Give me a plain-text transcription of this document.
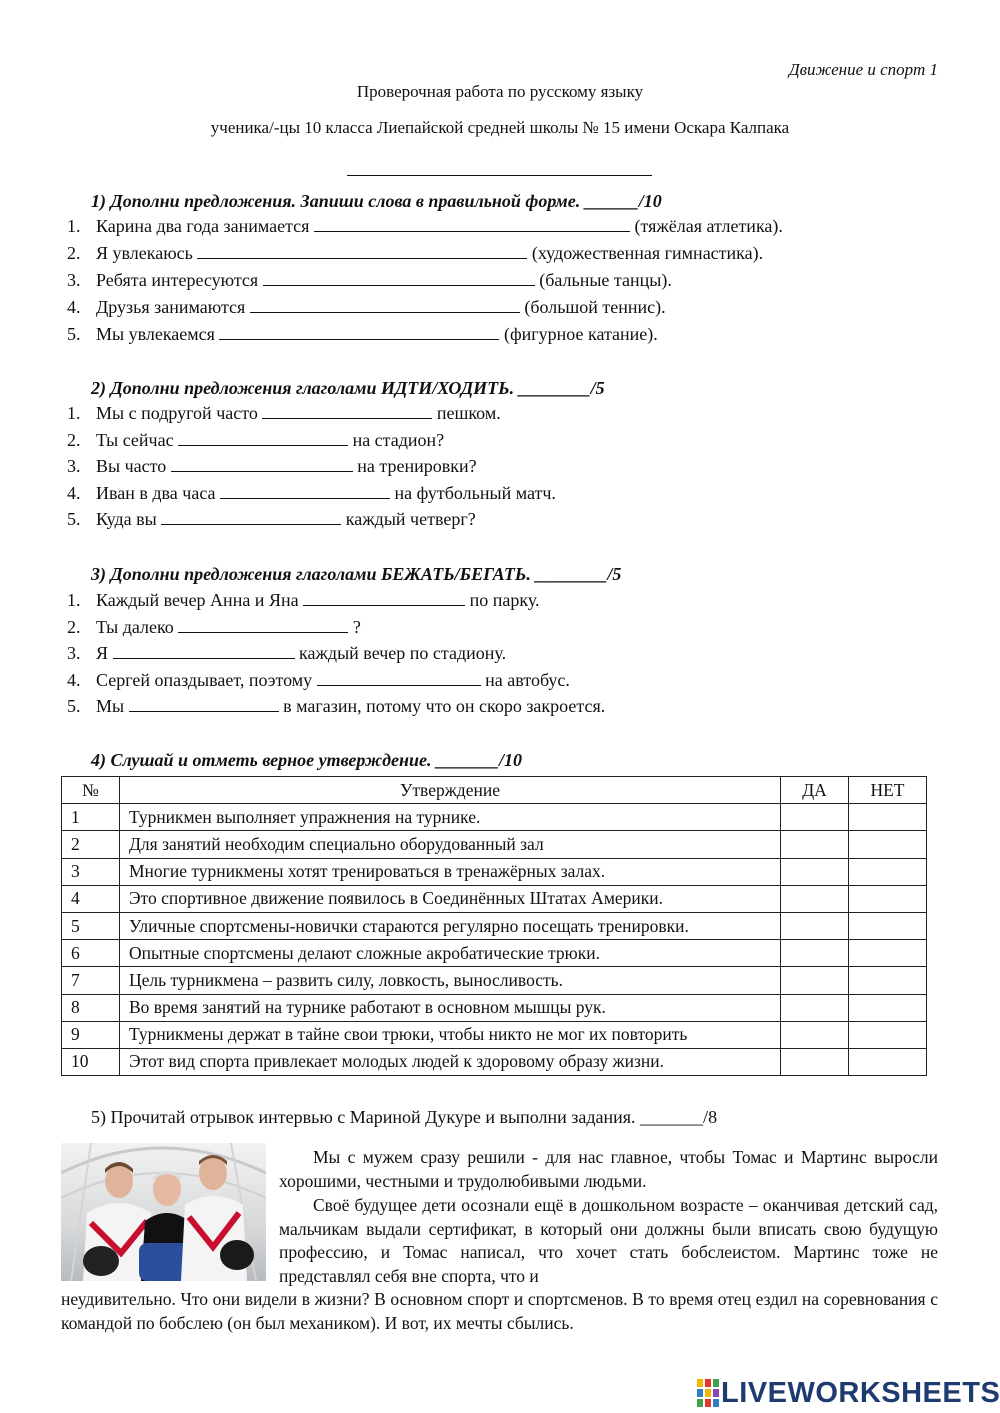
Движение и спорт 1
Проверочная работа по русскому языку
ученика/-цы 10 класса Лиепайской средней школы № 15 имени Оскара Калпака
1) Дополни предложения. Запиши слова в правильной форме. ______/10
1. Карина два года занимается	(тяжёлая атлетика).
2. Я увлекаюсь	(художественная гимнастика).
3. Ребята интересуются	(бальные танцы).
4. Друзья занимаются	(большой теннис).
5. Мы увлекаемся	(фигурное катание).
2) Дополни предложения глаголами ИДТИ/ХОДИТЬ. ________/5
1. Мы с подругой часто	пешком.
2. Ты сейчас	на стадион?
3. Вы часто	на тренировки?
4. Иван в два часа	на футбольный матч.
5. Куда вы	каждый четверг?
3) Дополни предложения глаголами БЕЖАТЬ/БЕГАТЬ. ________/5
1. Каждый вечер Анна и Яна	по парку.
2. Ты далеко	?
3. Я	каждый вечер по стадиону.
4. Сергей опаздывает, поэтому	на автобус.
5. Мы	в магазин, потому что он скоро закроется.
4) Слушай и отметь верное утверждение. _______/10
№	Утверждение	ДА	НЕТ
1	Турникмен выполняет упражнения на турнике.		
2	Для занятий необходим специально оборудованный зал		
3	Многие турникмены хотят тренироваться в тренажёрных залах.		
4	Это спортивное движение появилось в Соединённых Штатах Америки.		
5	Уличные спортсмены-новички стараются регулярно посещать тренировки.		
6	Опытные спортсмены делают сложные акробатические трюки.		
7	Цель турникмена – развить силу, ловкость, выносливость.		
8	Во время занятий на турнике работают в основном мышцы рук.		
9	Турникмены держат в тайне свои трюки, чтобы никто не мог их повторить		
10	Этот вид спорта привлекает молодых людей к здоровому образу жизни.		
5) Прочитай отрывок интервью с Мариной Дукуре и выполни задания. _______/8
Мы с мужем сразу решили - для нас главное, чтобы Томас и Мартинс выросли хорошими, честными и трудолюбивыми людьми.
Своё будущее дети осознали ещё в дошкольном возрасте – оканчивая детский сад, мальчикам выдали сертификат, в который они должны были вписать свою будущую профессию, и Томас написал, что хочет стать бобслеистом. Мартинс тоже не представлял себя вне спорта, что и
неудивительно. Что они видели в жизни? В основном спорт и спортсменов. В то время отец ездил на соревнования с командой по бобслею (он был механиком). И вот, их мечты сбылись.
LIVEWORKSHEETS
